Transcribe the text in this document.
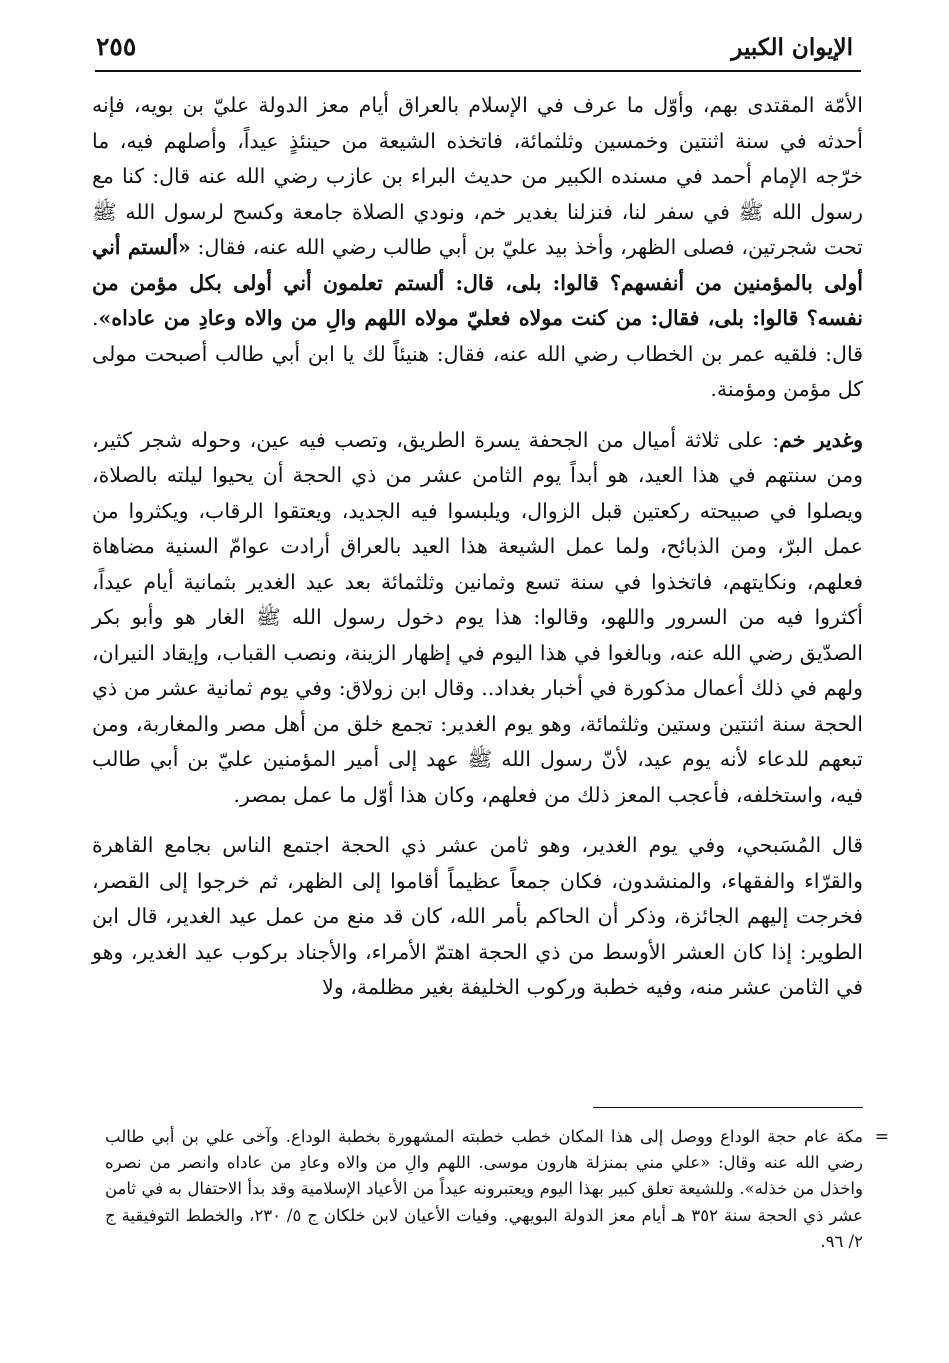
الإيوان الكبير
٢٥٥

الأمّة المقتدى بهم، وأوّل ما عرف في الإسلام بالعراق أيام معز الدولة عليّ بن بويه، فإنه أحدثه في سنة اثنتين وخمسين وثلثمائة، فاتخذه الشيعة من حينئذٍ عيداً، وأصلهم فيه، ما خرّجه الإمام أحمد في مسنده الكبير من حديث البراء بن عازب رضي الله عنه قال: كنا مع رسول الله ﷺ في سفر لنا، فنزلنا بغدير خم، ونودي الصلاة جامعة وكسح لرسول الله ﷺ تحت شجرتين، فصلى الظهر، وأخذ بيد عليّ بن أبي طالب رضي الله عنه، فقال: «ألستم أني أولى بالمؤمنين من أنفسهم؟ قالوا: بلى، قال: ألستم تعلمون أني أولى بكل مؤمن من نفسه؟ قالوا: بلى، فقال: من كنت مولاه فعليّ مولاه اللهم والِ من والاه وعادِ من عاداه». قال: فلقيه عمر بن الخطاب رضي الله عنه، فقال: هنيئاً لك يا ابن أبي طالب أصبحت مولى كل مؤمن ومؤمنة.

وغدير خم: على ثلاثة أميال من الجحفة يسرة الطريق، وتصب فيه عين، وحوله شجر كثير، ومن سنتهم في هذا العيد، هو أبداً يوم الثامن عشر من ذي الحجة أن يحيوا ليلته بالصلاة، ويصلوا في صبيحته ركعتين قبل الزوال، ويلبسوا فيه الجديد، ويعتقوا الرقاب، ويكثروا من عمل البرّ، ومن الذبائح، ولما عمل الشيعة هذا العيد بالعراق أرادت عوامّ السنية مضاهاة فعلهم، ونكايتهم، فاتخذوا في سنة تسع وثمانين وثلثمائة بعد عيد الغدير بثمانية أيام عيداً، أكثروا فيه من السرور واللهو، وقالوا: هذا يوم دخول رسول الله ﷺ الغار هو وأبو بكر الصدّيق رضي الله عنه، وبالغوا في هذا اليوم في إظهار الزينة، ونصب القباب، وإيقاد النيران، ولهم في ذلك أعمال مذكورة في أخبار بغداد.. وقال ابن زولاق: وفي يوم ثمانية عشر من ذي الحجة سنة اثنتين وستين وثلثمائة، وهو يوم الغدير: تجمع خلق من أهل مصر والمغاربة، ومن تبعهم للدعاء لأنه يوم عيد، لأنّ رسول الله ﷺ عهد إلى أمير المؤمنين عليّ بن أبي طالب فيه، واستخلفه، فأعجب المعز ذلك من فعلهم، وكان هذا أوّل ما عمل بمصر.

قال المُسَبحي، وفي يوم الغدير، وهو ثامن عشر ذي الحجة اجتمع الناس بجامع القاهرة والقرّاء والفقهاء، والمنشدون، فكان جمعاً عظيماً أقاموا إلى الظهر، ثم خرجوا إلى القصر، فخرجت إليهم الجائزة، وذكر أن الحاكم بأمر الله، كان قد منع من عمل عيد الغدير، قال ابن الطوير: إذا كان العشر الأوسط من ذي الحجة اهتمّ الأمراء، والأجناد بركوب عيد الغدير، وهو في الثامن عشر منه، وفيه خطبة وركوب الخليفة بغير مظلمة، ولا

=
مكة عام حجة الوداع ووصل إلى هذا المكان خطب خطبته المشهورة بخطبة الوداع. وآخى علي بن أبي طالب رضي الله عنه وقال: «علي مني بمنزلة هارون موسى. اللهم والِ من والاه وعادِ من عاداه وانصر من نصره واخذل من خذله». وللشيعة تعلق كبير بهذا اليوم ويعتبرونه عيداً من الأعياد الإسلامية وقد بدأ الاحتفال به في ثامن عشر ذي الحجة سنة ٣٥٢ هـ أيام معز الدولة البويهي. وفيات الأعيان لابن خلكان ج ٥/ ٢٣٠، والخطط التوفيقية ج ٢/ ٩٦.
